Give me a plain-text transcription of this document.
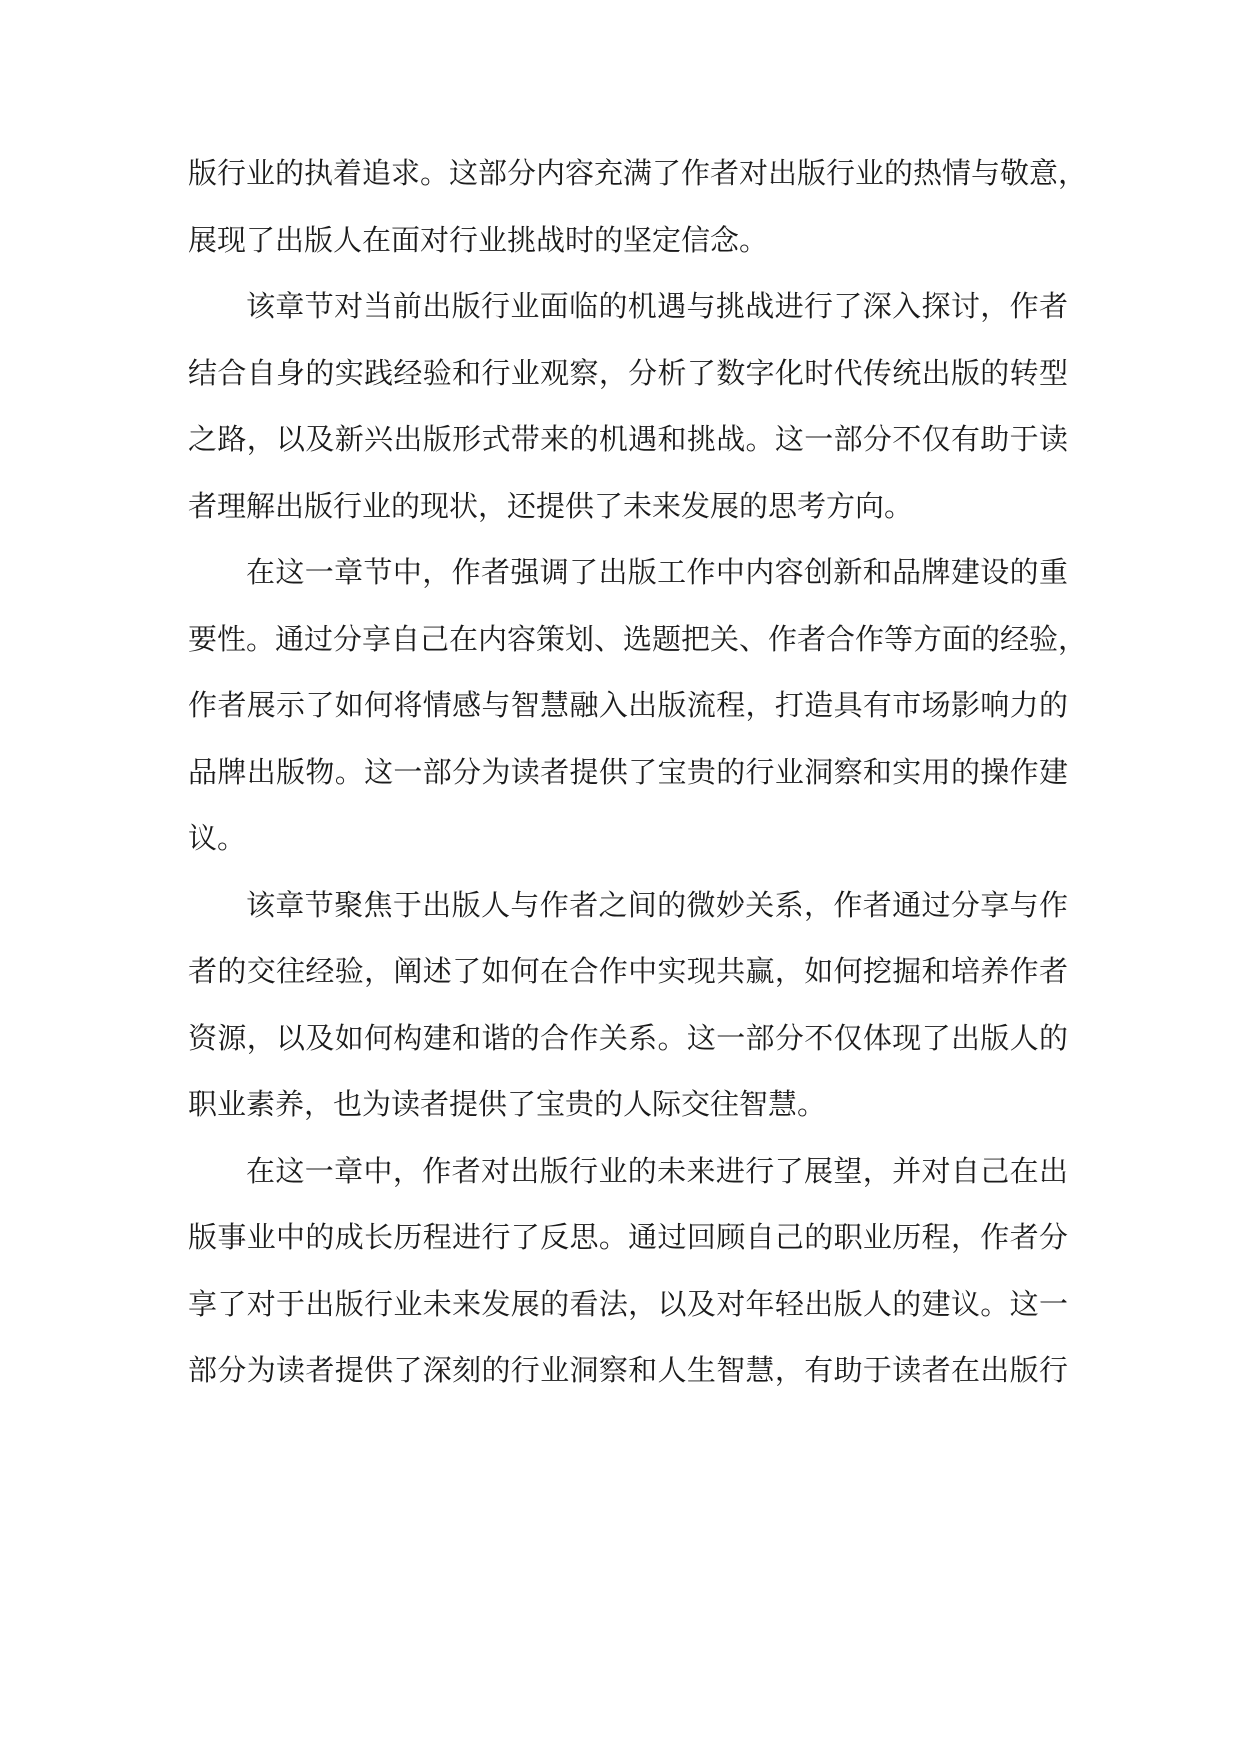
版行业的执着追求。这部分内容充满了作者对出版行业的热情与敬意，
展现了出版人在面对行业挑战时的坚定信念。
该章节对当前出版行业面临的机遇与挑战进行了深入探讨，作者
结合自身的实践经验和行业观察，分析了数字化时代传统出版的转型
之路，以及新兴出版形式带来的机遇和挑战。这一部分不仅有助于读
者理解出版行业的现状，还提供了未来发展的思考方向。
在这一章节中，作者强调了出版工作中内容创新和品牌建设的重
要性。通过分享自己在内容策划、选题把关、作者合作等方面的经验，
作者展示了如何将情感与智慧融入出版流程，打造具有市场影响力的
品牌出版物。这一部分为读者提供了宝贵的行业洞察和实用的操作建
议。
该章节聚焦于出版人与作者之间的微妙关系，作者通过分享与作
者的交往经验，阐述了如何在合作中实现共赢，如何挖掘和培养作者
资源，以及如何构建和谐的合作关系。这一部分不仅体现了出版人的
职业素养，也为读者提供了宝贵的人际交往智慧。
在这一章中，作者对出版行业的未来进行了展望，并对自己在出
版事业中的成长历程进行了反思。通过回顾自己的职业历程，作者分
享了对于出版行业未来发展的看法，以及对年轻出版人的建议。这一
部分为读者提供了深刻的行业洞察和人生智慧，有助于读者在出版行
